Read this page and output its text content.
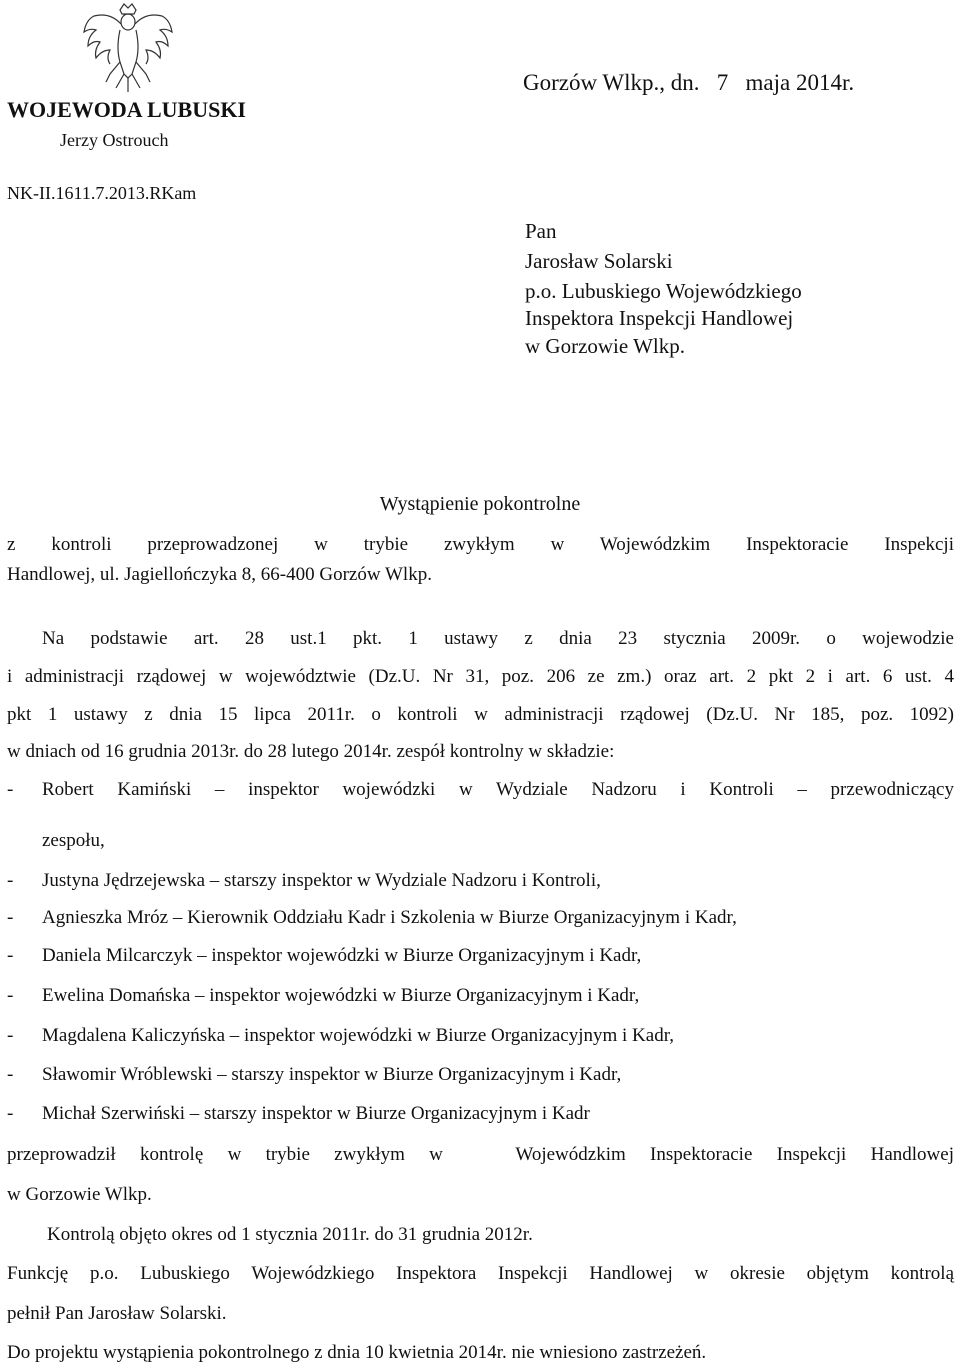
WOJEWODA LUBUSKI
Jerzy Ostrouch
NK-II.1611.7.2013.RKam
Gorzów Wlkp., dn.   7   maja 2014r.
Pan
Jarosław Solarski
p.o. Lubuskiego Wojewódzkiego
Inspektora Inspekcji Handlowej
w Gorzowie Wlkp.
Wystąpienie pokontrolne
z kontroli przeprowadzonej w trybie zwykłym w Wojewódzkim Inspektoracie Inspekcji
Handlowej, ul. Jagiellończyka 8, 66-400 Gorzów Wlkp.
Na podstawie art. 28 ust.1 pkt. 1 ustawy z dnia 23 stycznia 2009r. o wojewodzie
i administracji rządowej w województwie (Dz.U. Nr 31, poz. 206 ze zm.) oraz art. 2 pkt 2 i art. 6 ust. 4
pkt 1 ustawy z dnia 15 lipca 2011r. o kontroli w administracji rządowej (Dz.U. Nr 185, poz. 1092)
w dniach od 16 grudnia 2013r. do 28 lutego 2014r. zespół kontrolny w składzie:
- Robert Kamiński – inspektor wojewódzki w Wydziale Nadzoru i Kontroli – przewodniczący
zespołu,
- Justyna Jędrzejewska – starszy inspektor w Wydziale Nadzoru i Kontroli,
- Agnieszka Mróz – Kierownik Oddziału Kadr i Szkolenia w Biurze Organizacyjnym i Kadr,
- Daniela Milcarczyk – inspektor wojewódzki w Biurze Organizacyjnym i Kadr,
- Ewelina Domańska – inspektor wojewódzki w Biurze Organizacyjnym i Kadr,
- Magdalena Kaliczyńska – inspektor wojewódzki w Biurze Organizacyjnym i Kadr,
- Sławomir Wróblewski – starszy inspektor w Biurze Organizacyjnym i Kadr,
- Michał Szerwiński – starszy inspektor w Biurze Organizacyjnym i Kadr
przeprowadził kontrolę w trybie zwykłym w   Wojewódzkim Inspektoracie Inspekcji Handlowej
w Gorzowie Wlkp.
Kontrolą objęto okres od 1 stycznia 2011r. do 31 grudnia 2012r.
Funkcję p.o. Lubuskiego Wojewódzkiego Inspektora Inspekcji Handlowej w okresie objętym kontrolą
pełnił Pan Jarosław Solarski.
Do projektu wystąpienia pokontrolnego z dnia 10 kwietnia 2014r. nie wniesiono zastrzeżeń.
